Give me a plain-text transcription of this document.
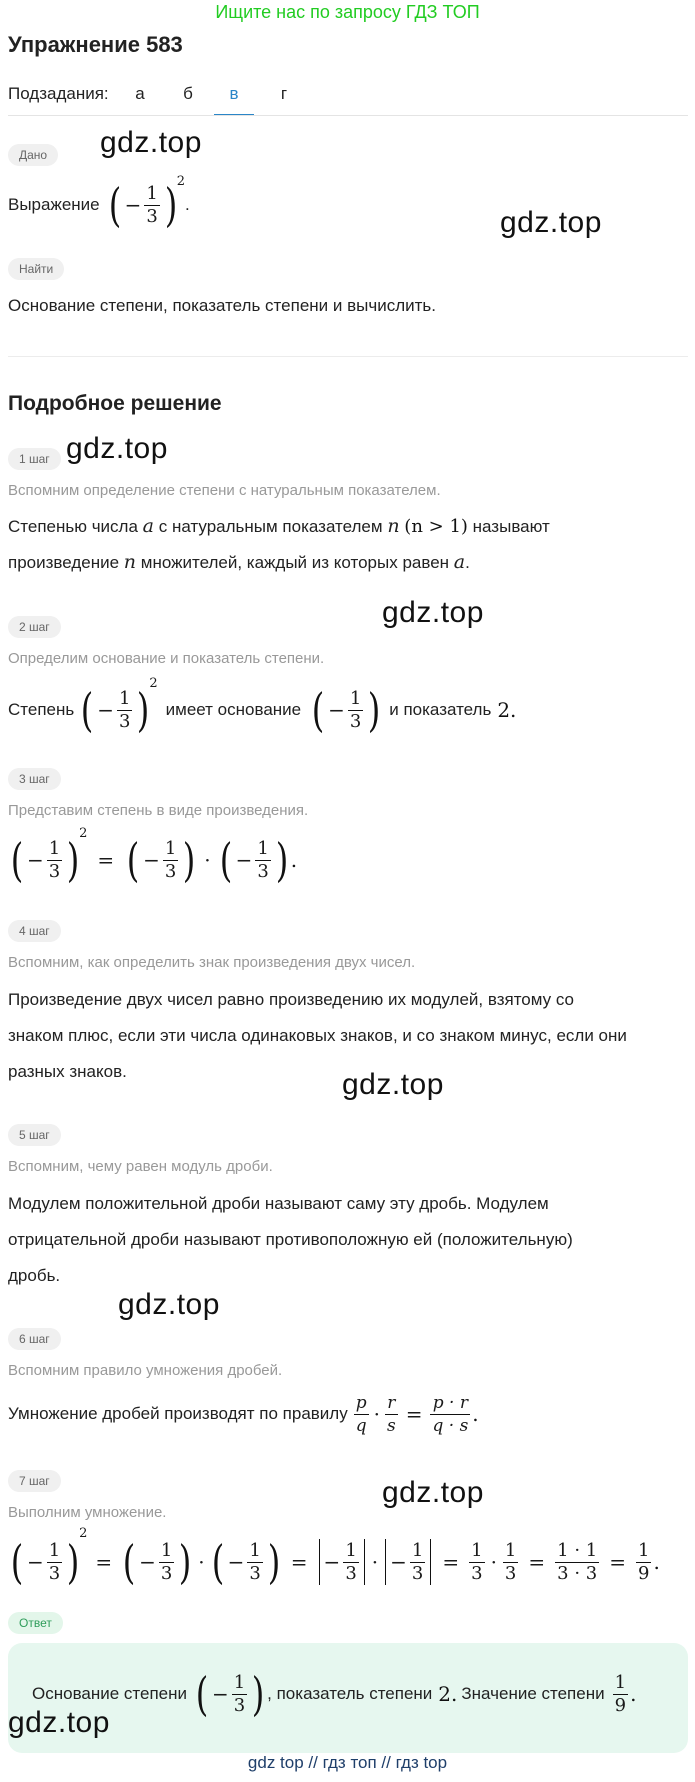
Ищите нас по запросу ГДЗ ТОП
Упражнение 583
Подзадания:	а	б	в	г
Дано	gdz.top
Выражение ( − $\frac{1}{3}$ ) 2
.
gdz.top
Найти
Основание степени, показатель степени и вычислить.
Подробное решение
1 шаг gdz.top
Вспомним определение степени с натуральным показателем.
Степенью числа a с натуральным показателем n (n > 1) называют
произведение n множителей, каждый из которых равен a.
2 шаг	gdz.top
Определим основание и показатель степени.
Степень ( − $\frac{1}{3}$ ) 2
имеет основание ( − $\frac{1}{3}$ ) и показатель 2.
3 шаг
Представим степень в виде произведения.
( − $\frac{1}{3}$ ) 2
= ( − $\frac{1}{3}$ ) · ( − $\frac{1}{3}$ ) .
4 шаг
Вспомним, как определить знак произведения двух чисел.
Произведение двух чисел равно произведению их модулей, взятому со
знаком плюс, если эти числа одинаковых знаков, и со знаком минус, если они
разных знаков.	gdz.top
5 шаг
Вспомним, чему равен модуль дроби.
Модулем положительной дроби называют саму эту дробь. Модулем
отрицательной дроби называют противоположную ей (положительную)
дробь.
gdz.top
6 шаг
Вспомним правило умножения дробей.
Умножение дробей производят по правилу $\frac{p}{q} \cdot \frac{r}{s} = \frac{p \cdot r}{q \cdot s}$ .
7 шаг	gdz.top
Выполним умножение.
( − $\frac{1}{3}$ )
2
= ( − $\frac{1}{3}$ ) · ( − $\frac{1}{3}$ ) = − $\frac{1}{3}$ · − $\frac{1}{3} = \frac{1}{3} \cdot \frac{1}{3} = \frac{1 \cdot 1}{3 \cdot 3} = \frac{1}{9}$ .
Ответ
Основание степени ( − $\frac{1}{3}$ ) , показатель степени 2. Значение степени $\frac{1}{9}$ .
gdz.top
gdz top // гдз топ // гдз top
